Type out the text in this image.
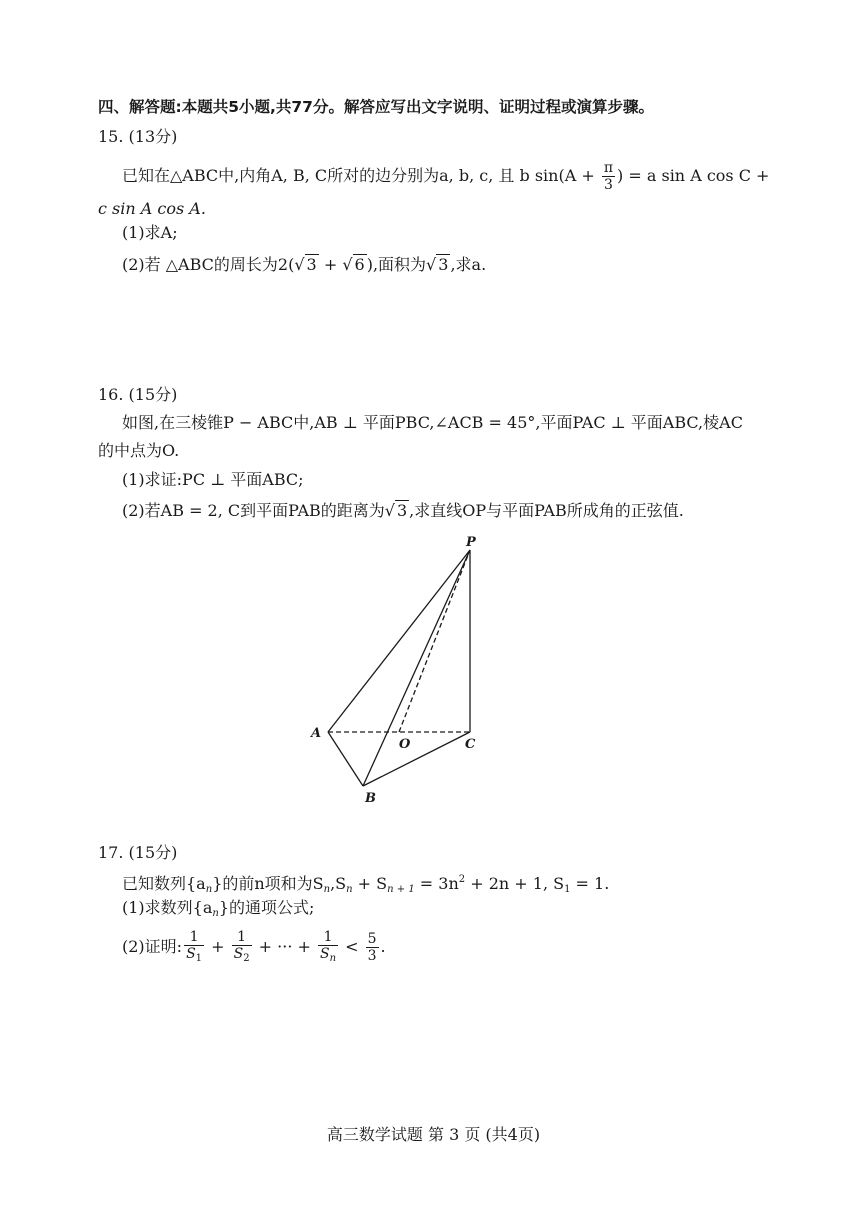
四、解答题:本题共5小题,共77分。解答应写出文字说明、证明过程或演算步骤。
15. (13分)
已知在△ABC中,内角A, B, C所对的边分别为a, b, c, 且 b $\sin(A + \frac{\pi}{3}$ ) = a sin A cos C +
c sin A cos A.
(1)求A;
(2)若 △ABC的周长为2(√ 3 + √ 6 ),面积为√ 3 ,求a.
16. (15分)
如图,在三棱锥P − ABC中,AB ⊥ 平面PBC,∠ACB = 45°,平面PAC ⊥ 平面ABC,棱AC
的中点为O.
(1)求证:PC ⊥ 平面ABC;
(2)若AB = 2, C到平面PAB的距离为√ 3 ,求直线OP与平面PAB所成角的正弦值.
P
A
O	C
B
17. (15分)
已知数列$\{a_n\}$的前n项和为$S_n,S_n + S_{n + 1} = 3n^2 + 2n + 1$, $S_1 = 1$.
(1)求数列$\{a_n\}$的通项公式;
(2)证明: $\frac{1}{S_1} + \frac{1}{S_2}$ + ··· + $\frac{1}{S_n} < \frac{5}{3}$ .
高三数学试题 第 3 页 (共4页)
